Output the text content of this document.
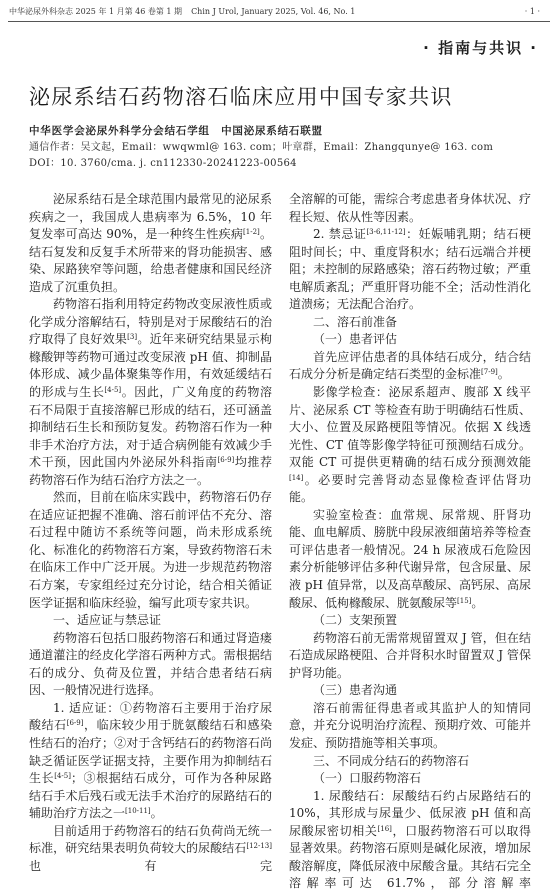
中华泌尿外科杂志 2025 年 1 月第 46 卷第 1 期 Chin J Urol, January 2025, Vol. 46, No. 1	· 1 ·
· 指南与共识 ·
泌尿系结石药物溶石临床应用中国专家共识
中华医学会泌尿外科学分会结石学组　中国泌尿系结石联盟
通信作者：吴文起，Email：wwqwml@ 163. com；叶章群，Email：Zhangqunye@ 163. com
DOI：10. 3760/cma. j. cn112330-20241223-00564

泌尿系结石是全球范围内最常见的泌尿系疾病之一，我国成人患病率为 6.5%，10 年复发率可高达 90%，是一种终生性疾病[1-2]。结石复发和反复手术所带来的肾功能损害、感染、尿路狭窄等问题，给患者健康和国民经济造成了沉重负担。

药物溶石指利用特定药物改变尿液性质或化学成分溶解结石，特别是对于尿酸结石的治疗取得了良好效果[3]。近年来研究结果显示枸橼酸钾等药物可通过改变尿液 pH 值、抑制晶体形成、减少晶体聚集等作用，有效延缓结石的形成与生长[4-5]。因此，广义角度的药物溶石不局限于直接溶解已形成的结石，还可涵盖抑制结石生长和预防复发。药物溶石作为一种非手术治疗方法，对于适合病例能有效减少手术干预，因此国内外泌尿外科指南[6-9]均推荐药物溶石作为结石治疗方法之一。

然而，目前在临床实践中，药物溶石仍存在适应证把握不准确、溶石前评估不充分、溶石过程中随访不系统等问题，尚未形成系统化、标准化的药物溶石方案，导致药物溶石未在临床工作中广泛开展。为进一步规范药物溶石方案，专家组经过充分讨论，结合相关循证医学证据和临床经验，编写此项专家共识。

一、适应证与禁忌证

药物溶石包括口服药物溶石和通过肾造瘘通道灌注的经皮化学溶石两种方式。需根据结石的成分、负荷及位置，并结合患者结石病因、一般情况进行选择。

1. 适应证：①药物溶石主要用于治疗尿酸结石[6-9]，临床较少用于胱氨酸结石和感染性结石的治疗；②对于含钙结石的药物溶石尚缺乏循证医学证据支持，主要作用为抑制结石生长[4-5]；③根据结石成分，可作为各种尿路结石手术后残石或无法手术治疗的尿路结石的辅助治疗方法之一[10-11]。

目前适用于药物溶石的结石负荷尚无统一标准，研究结果表明负荷较大的尿酸结石[12-13]也有完

全溶解的可能，需综合考虑患者身体状况、疗程长短、依从性等因素。

2. 禁忌证[3-6,11-12]：妊娠哺乳期；结石梗阻时间长；中、重度肾积水；结石远端合并梗阻；未控制的尿路感染；溶石药物过敏；严重电解质紊乱；严重肝肾功能不全；活动性消化道溃疡；无法配合治疗。

二、溶石前准备

（一）患者评估

首先应评估患者的具体结石成分，结合结石成分分析是确定结石类型的金标准[7-9]。

影像学检查：泌尿系超声、腹部 X 线平片、泌尿系 CT 等检查有助于明确结石性质、大小、位置及尿路梗阻等情况。依据 X 线透光性、CT 值等影像学特征可预测结石成分。双能 CT 可提供更精确的结石成分预测效能[14]。必要时完善肾动态显像检查评估肾功能。

实验室检查：血常规、尿常规、肝肾功能、血电解质、膀胱中段尿液细菌培养等检查可评估患者一般情况。24 h 尿液成石危险因素分析能够评估多种代谢异常，包含尿量、尿液 pH 值异常，以及高草酸尿、高钙尿、高尿酸尿、低枸橼酸尿、胱氨酸尿等[15]。

（二）支架预置

药物溶石前无需常规留置双 J 管，但在结石造成尿路梗阻、合并肾积水时留置双 J 管保护肾功能。

（三）患者沟通

溶石前需征得患者或其监护人的知情同意，并充分说明治疗流程、预期疗效、可能并发症、预防措施等相关事项。

三、不同成分结石的药物溶石

（一）口服药物溶石

1. 尿酸结石：尿酸结石约占尿路结石的 10%，其形成与尿量少、低尿液 pH 值和高尿酸尿密切相关[16]，口服药物溶石可以取得显著效果。药物溶石原则是碱化尿液，增加尿酸溶解度，降低尿液中尿酸含量。其结石完全溶解率可达 61.7%，部分溶解率
